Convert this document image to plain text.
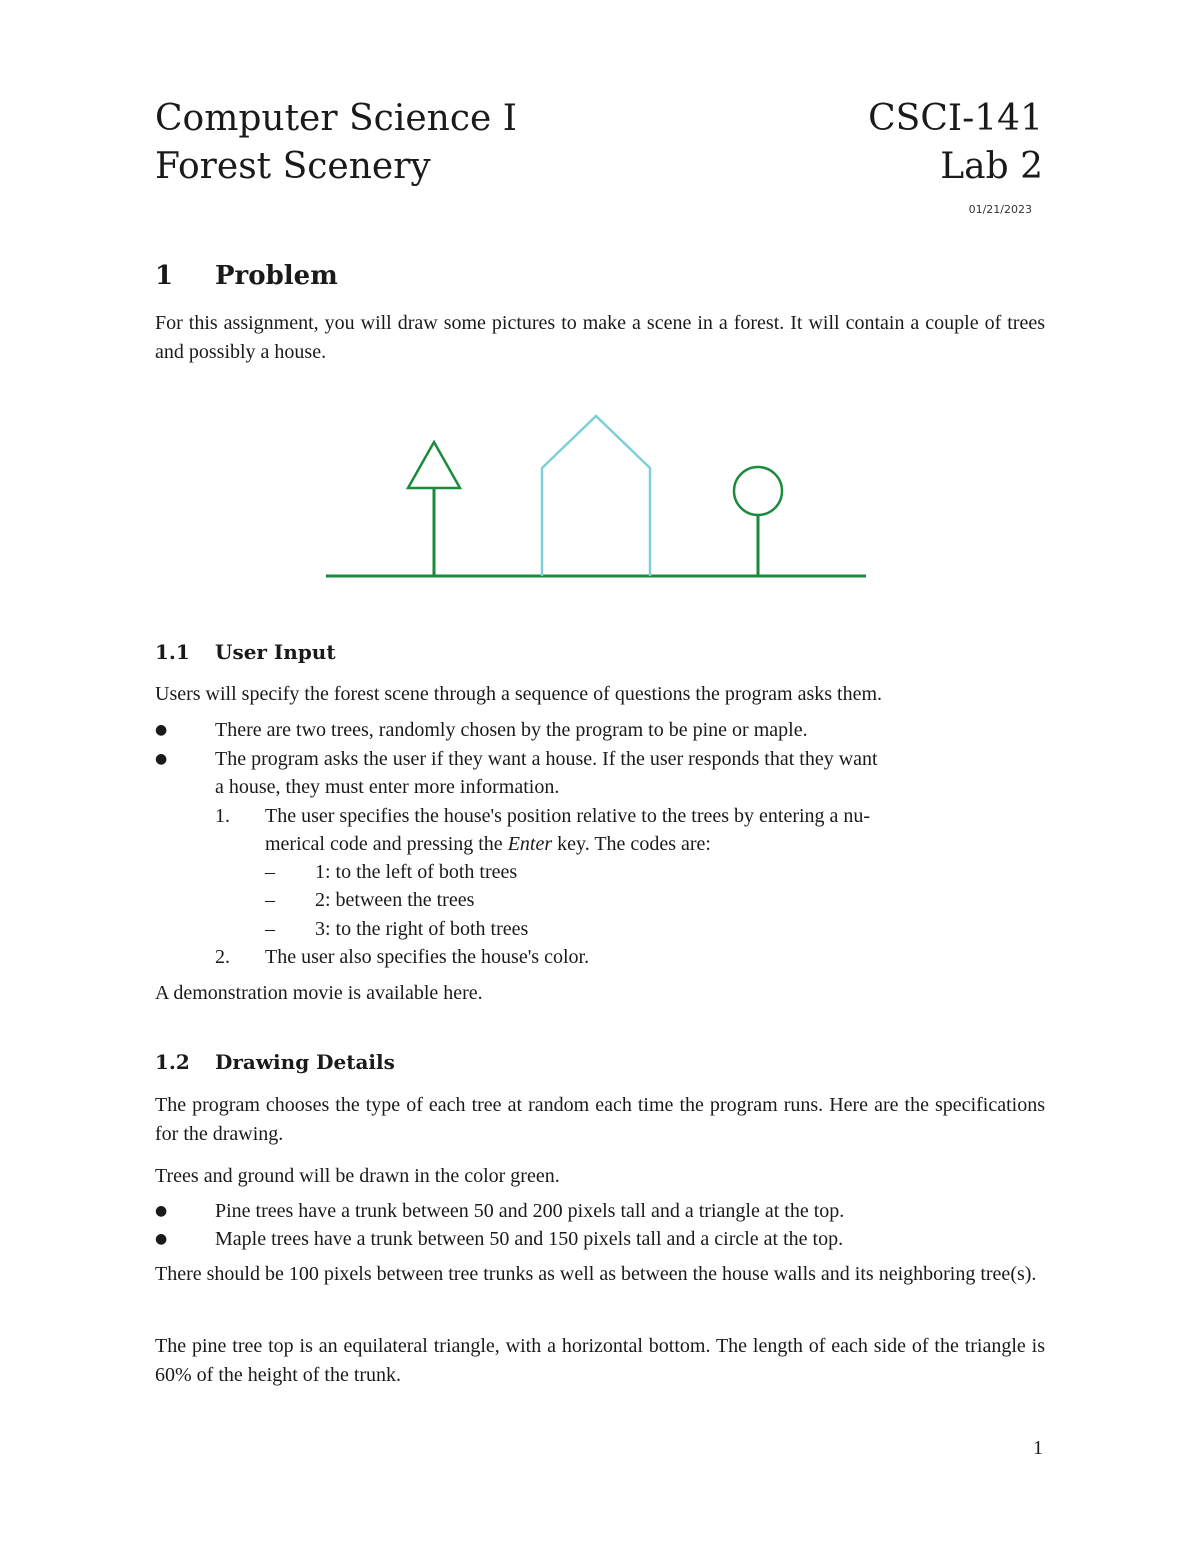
Computer Science I	CSCI-141
Forest Scenery	Lab 2
01/21/2023
1 Problem
For this assignment, you will draw some pictures to make a scene in a forest. It will contain a couple of trees and possibly a house.
1.1 User Input
Users will specify the forest scene through a sequence of questions the program asks them.
● There are two trees, randomly chosen by the program to be pine or maple.
● The program asks the user if they want a house. If the user responds that they want
a house, they must enter more information.
1. The user specifies the house's position relative to the trees by entering a nu-
merical code and pressing the Enter key. The codes are:
– 1: to the left of both trees
– 2: between the trees
– 3: to the right of both trees
2. The user also specifies the house's color.
A demonstration movie is available here.
1.2 Drawing Details
The program chooses the type of each tree at random each time the program runs. Here are the specifications for the drawing.
Trees and ground will be drawn in the color green.
● Pine trees have a trunk between 50 and 200 pixels tall and a triangle at the top.
● Maple trees have a trunk between 50 and 150 pixels tall and a circle at the top.
There should be 100 pixels between tree trunks as well as between the house walls and its neighboring tree(s).
The pine tree top is an equilateral triangle, with a horizontal bottom. The length of each side of the triangle is 60% of the height of the trunk.
1
